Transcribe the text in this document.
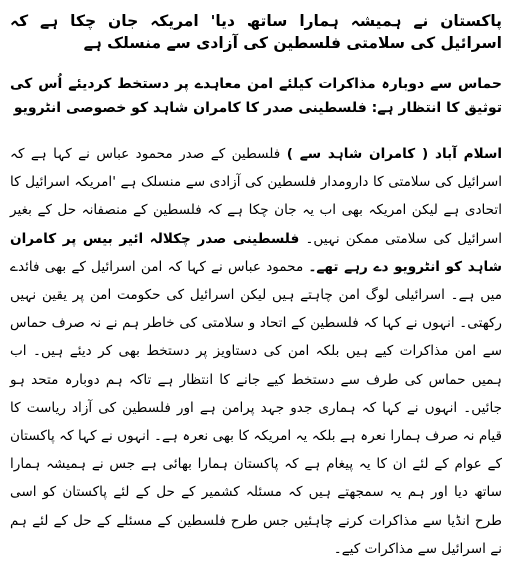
پاکستان نے ہمیشہ ہمارا ساتھ دیا' امریکہ جان چکا ہے کہ اسرائیل کی سلامتی فلسطین کی آزادی سے منسلک ہے
حماس سے دوبارہ مذاکرات کیلئے امن معاہدے پر دستخط کردیئے اُس کی توثیق کا انتظار ہے: فلسطینی صدر کا کامران شاہد کو خصوصی انٹرویو

اسلام آباد ( کامران شاہد سے ) فلسطین کے صدر محمود عباس نے کہا ہے کہ اسرائیل کی سلامتی کا دارومدار فلسطین کی آزادی سے منسلک ہے 'امریکہ اسرائیل کا اتحادی ہے لیکن امریکہ بھی اب یہ جان چکا ہے کہ فلسطین کے منصفانہ حل کے بغیر اسرائیل کی سلامتی ممکن نہیں۔ فلسطینی صدر چکلالہ ائیر بیس پر کامران شاہد کو انٹرویو دے رہے تھے۔ محمود عباس نے کہا کہ امن اسرائیل کے بھی فائدے میں ہے۔ اسرائیلی لوگ امن چاہتے ہیں لیکن اسرائیل کی حکومت امن پر یقین نہیں رکھتی۔ انہوں نے کہا کہ فلسطین کے اتحاد و سلامتی کی خاطر ہم نے نہ صرف حماس سے امن مذاکرات کیے ہیں بلکہ امن کی دستاویز پر دستخط بھی کر دیئے ہیں۔ اب ہمیں حماس کی طرف سے دستخط کیے جانے کا انتظار ہے تاکہ ہم دوبارہ متحد ہو جائیں۔ انہوں نے کہا کہ ہماری جدو جہد پرامن ہے اور فلسطین کی آزاد ریاست کا قیام نہ صرف ہمارا نعرہ ہے بلکہ یہ امریکہ کا بھی نعرہ ہے۔ انہوں نے کہا کہ پاکستان کے عوام کے لئے ان کا یہ پیغام ہے کہ پاکستان ہمارا بھائی ہے جس نے ہمیشہ ہمارا ساتھ دیا اور ہم یہ سمجھتے ہیں کہ مسئلہ کشمیر کے حل کے لئے پاکستان کو اسی طرح انڈیا سے مذاکرات کرنے چاہئیں جس طرح فلسطین کے مسئلے کے حل کے لئے ہم نے اسرائیل سے مذاکرات کیے۔
